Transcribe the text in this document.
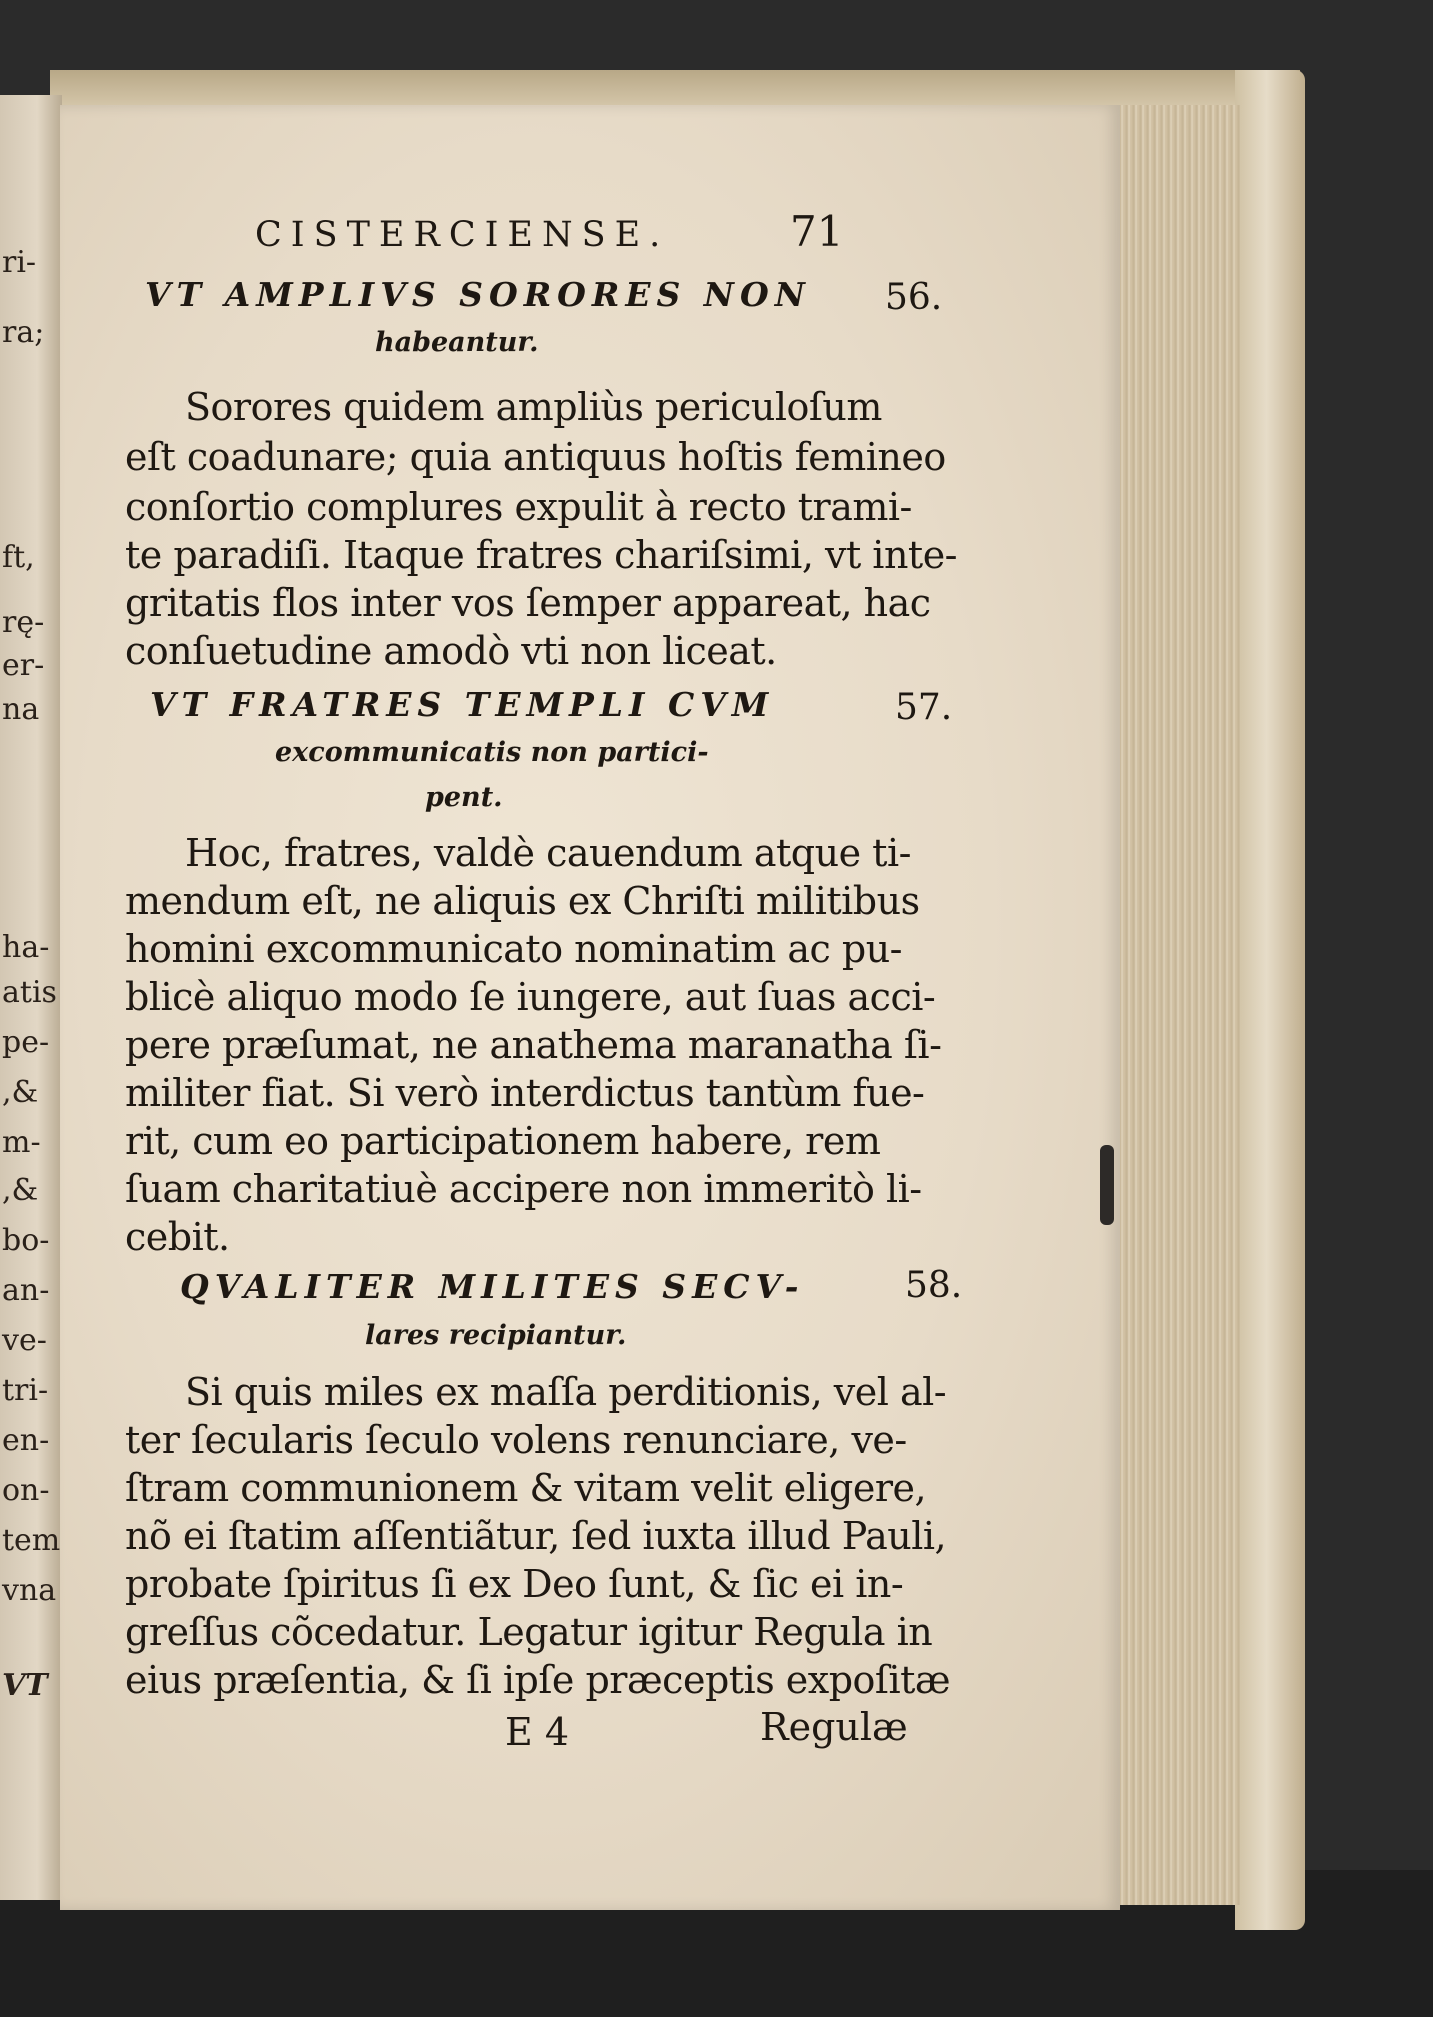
ri-
ra;
ft,
rę-
er-
na
ha-
atis
pe-
,&
m-
,&
bo-
an-
ve-
tri-
en-
on-
tem
vna
VT
CISTERCIENSE.	71
VT AMPLIVS SORORES NON
habeantur.
56.
Sorores quidem ampliùs periculoſum
eſt coadunare; quia antiquus hoſtis femineo
conſortio complures expulit à recto trami-
te paradiſi. Itaque fratres chariſsimi, vt inte-
gritatis flos inter vos ſemper appareat, hac
conſuetudine amodò vti non liceat.
VT FRATRES TEMPLI CVM
excommunicatis non partici-
pent.
57.
Hoc, fratres, valdè cauendum atque ti-
mendum eſt, ne aliquis ex Chriſti militibus
homini excommunicato nominatim ac pu-
blicè aliquo modo ſe iungere, aut ſuas acci-
pere præſumat, ne anathema maranatha ſi-
militer fiat. Si verò interdictus tantùm fue-
rit, cum eo participationem habere, rem
ſuam charitatiuè accipere non immeritò li-
cebit.
QVALITER MILITES SECV-
lares recipiantur.
58.
Si quis miles ex maſſa perditionis, vel al-
ter ſecularis ſeculo volens renunciare, ve-
ſtram communionem & vitam velit eligere,
nõ ei ſtatim aſſentiãtur, ſed iuxta illud Pauli,
probate ſpiritus ſi ex Deo ſunt, & ſic ei in-
greſſus cõcedatur. Legatur igitur Regula in
eius præſentia, & ſi ipſe præceptis expoſitæ
E 4	Regulæ
